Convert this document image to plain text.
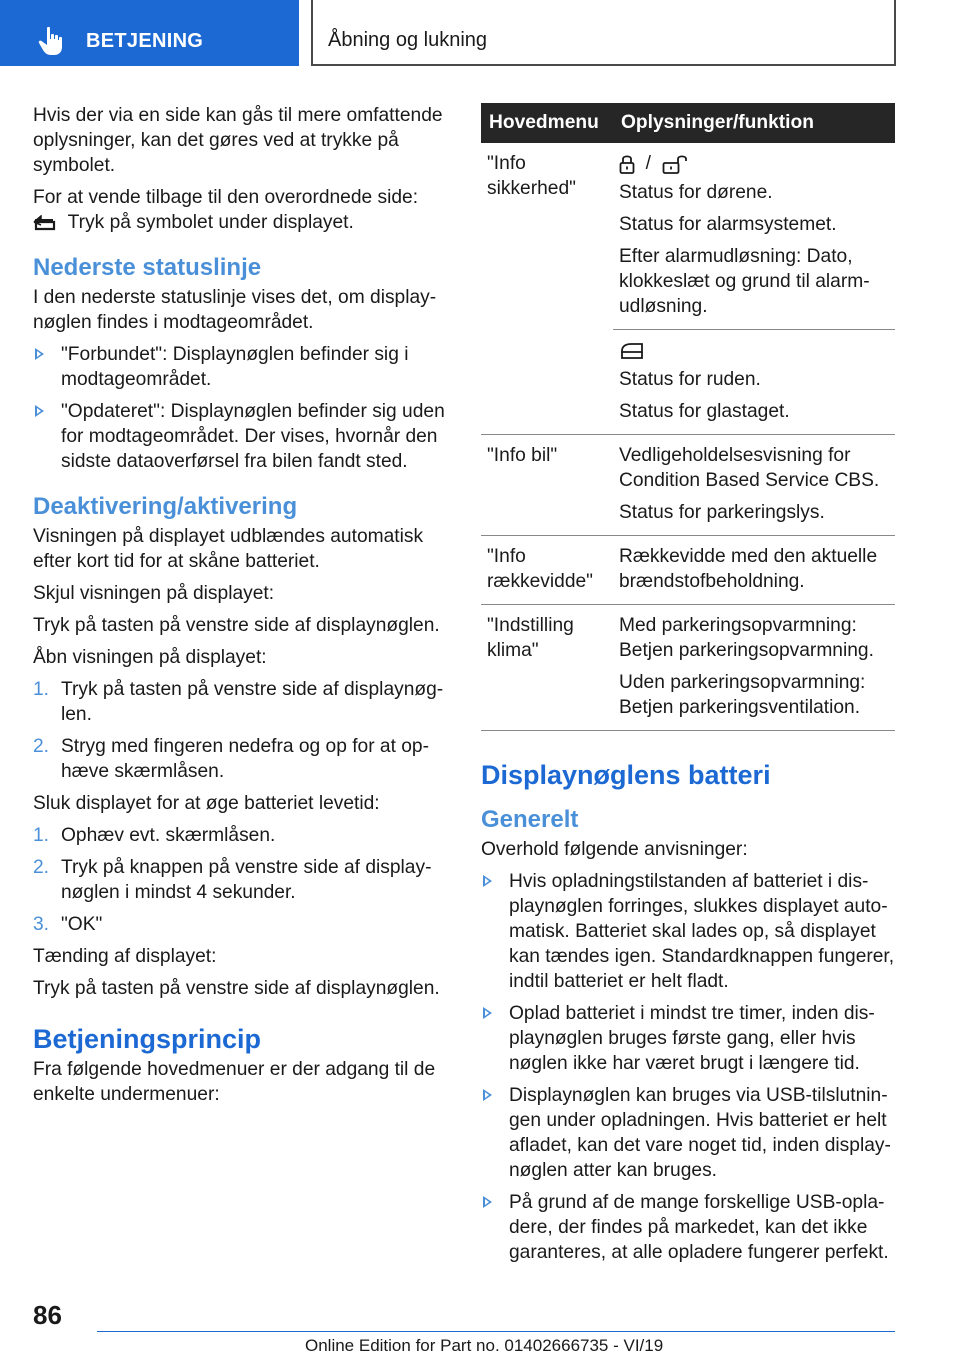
BETJENING	Åbning og lukning

Hvis der via en side kan gås til mere omfattende oplysninger, kan det gøres ved at trykke på symbolet.

For at vende tilbage til den overordnede side:
Tryk på symbolet under displayet.

Nederste statuslinje

I den nederste statuslinje vises det, om displaynøglen findes i modtageområdet.

"Forbundet": Displaynøglen befinder sig i modtageområdet.
"Opdateret": Displaynøglen befinder sig uden for modtageområdet. Der vises, hvornår den sidste dataoverførsel fra bilen fandt sted.
Deaktivering/aktivering

Visningen på displayet udblændes automatisk efter kort tid for at skåne batteriet.

Skjul visningen på displayet:

Tryk på tasten på venstre side af displaynøglen.

Åbn visningen på displayet:

1. Tryk på tasten på venstre side af displaynøglen.
2. Stryg med fingeren nedefra og op for at ophæve skærmlåsen.

Sluk displayet for at øge batteriet levetid:

1. Ophæv evt. skærmlåsen.
2. Tryk på knappen på venstre side af displaynøglen i mindst 4 sekunder.
3. "OK"

Tænding af displayet:

Tryk på tasten på venstre side af displaynøglen.

Betjeningsprincip

Fra følgende hovedmenuer er der adgang til de enkelte undermenuer:

Hovedmenu	Oplysninger/funktion
"Info sikkerhed"	/

Status for dørene.

Status for alarmsystemet.

Efter alarmudløsning: Dato, klokkeslæt og grund til alarmudløsning.

	Status for ruden.

Status for glastaget.

"Info bil"	Vedligeholdelsesvisning for Condition Based Service CBS.

Status for parkeringslys.

"Info rækkevidde"	Rækkevidde med den aktuelle brændstofbeholdning.

"Indstilling klima"	Med parkeringsopvarmning: Betjen parkeringsopvarmning.

Uden parkeringsopvarmning: Betjen parkeringsventilation.

Displaynøglens batteri
Generelt

Overhold følgende anvisninger:

Hvis opladningstilstanden af batteriet i displaynøglen forringes, slukkes displayet automatisk. Batteriet skal lades op, så displayet kan tændes igen. Standardknappen fungerer, indtil batteriet er helt fladt.
Oplad batteriet i mindst tre timer, inden displaynøglen bruges første gang, eller hvis nøglen ikke har været brugt i længere tid.
Displaynøglen kan bruges via USB-tilslutningen under opladningen. Hvis batteriet er helt afladet, kan det vare noget tid, inden displaynøglen atter kan bruges.
På grund af de mange forskellige USB-opladere, der findes på markedet, kan det ikke garanteres, at alle opladere fungerer perfekt.
86
Online Edition for Part no. 01402666735 - VI/19
